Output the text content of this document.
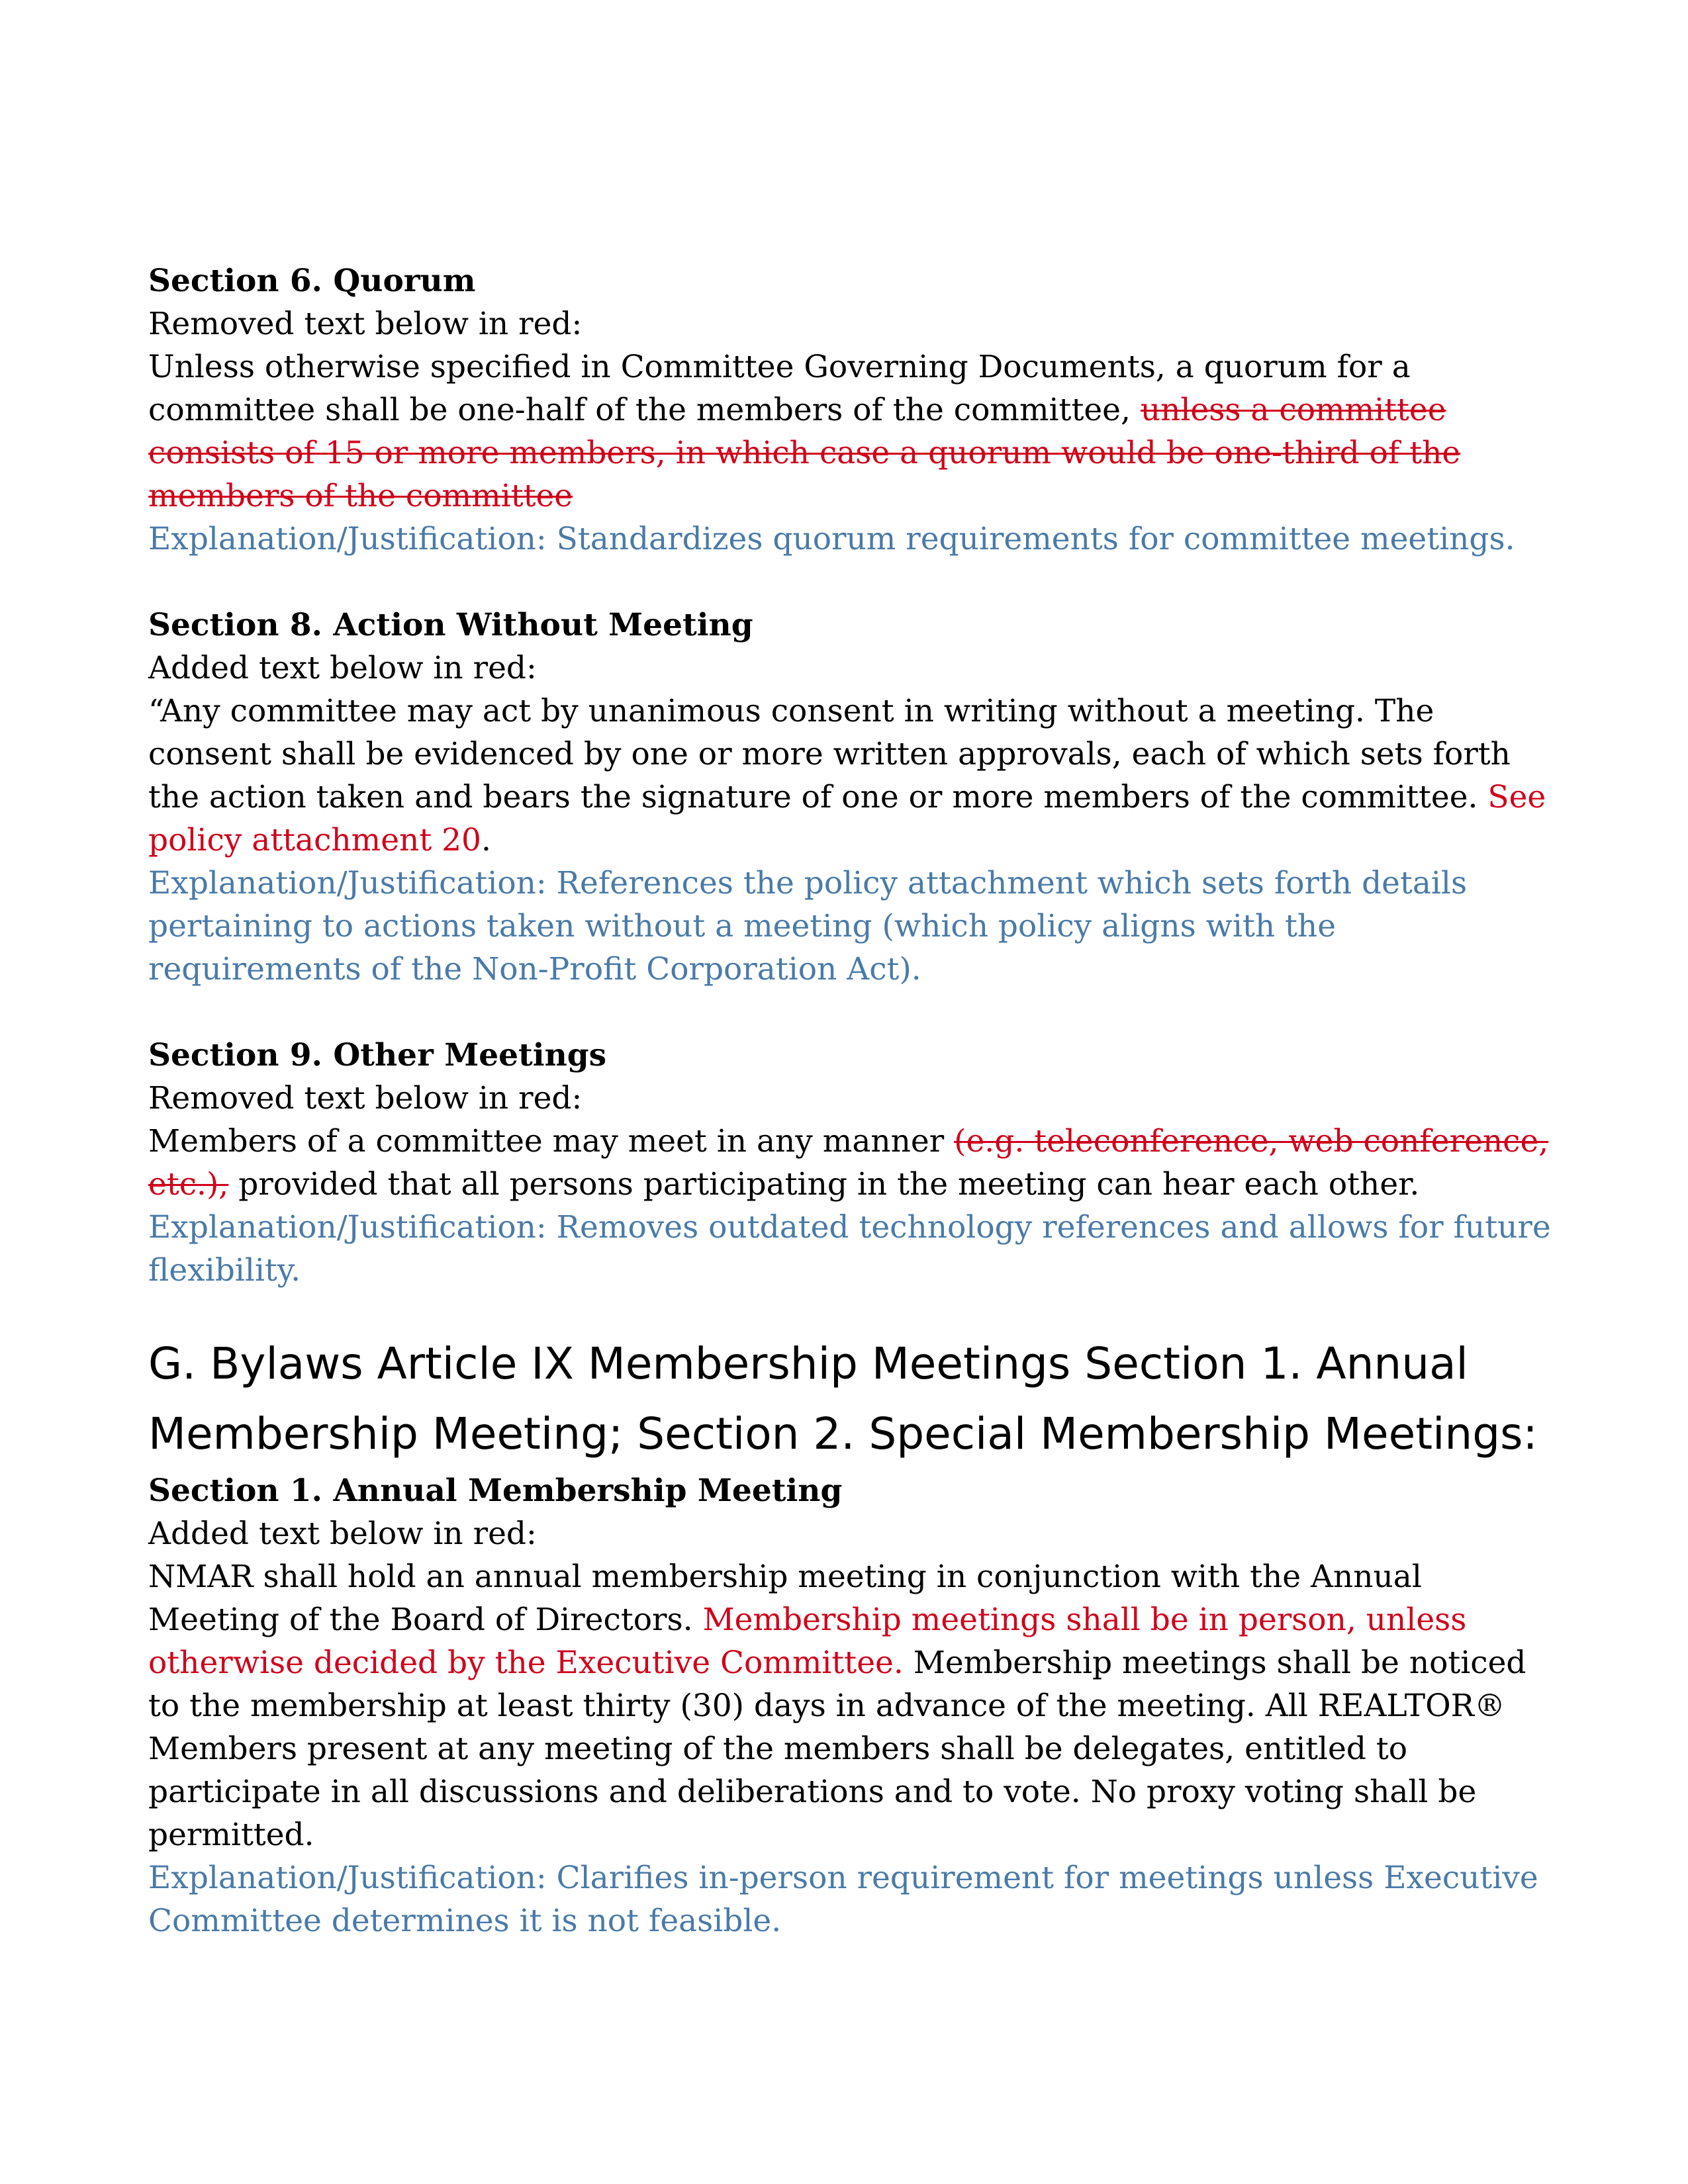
Section 6. Quorum

Removed text below in red:

Unless otherwise specified in Committee Governing Documents, a quorum for a committee shall be one-half of the members of the committee, unless a committee consists of 15 or more members, in which case a quorum would be one-third of the members of the committee

Explanation/Justification: Standardizes quorum requirements for committee meetings.

Section 8. Action Without Meeting

Added text below in red:

“Any committee may act by unanimous consent in writing without a meeting. The consent shall be evidenced by one or more written approvals, each of which sets forth the action taken and bears the signature of one or more members of the committee. See policy attachment 20.

Explanation/Justification: References the policy attachment which sets forth details pertaining to actions taken without a meeting (which policy aligns with the requirements of the Non-Profit Corporation Act).

Section 9. Other Meetings

Removed text below in red:

Members of a committee may meet in any manner (e.g. teleconference, web conference, etc.), provided that all persons participating in the meeting can hear each other.

Explanation/Justification: Removes outdated technology references and allows for future flexibility.

G. Bylaws Article IX Membership Meetings Section 1. Annual Membership Meeting; Section 2. Special Membership Meetings:

Section 1. Annual Membership Meeting

Added text below in red:

NMAR shall hold an annual membership meeting in conjunction with the Annual Meeting of the Board of Directors. Membership meetings shall be in person, unless otherwise decided by the Executive Committee. Membership meetings shall be noticed to the membership at least thirty (30) days in advance of the meeting. All REALTOR® Members present at any meeting of the members shall be delegates, entitled to participate in all discussions and deliberations and to vote. No proxy voting shall be permitted.

Explanation/Justification: Clarifies in-person requirement for meetings unless Executive Committee determines it is not feasible.
